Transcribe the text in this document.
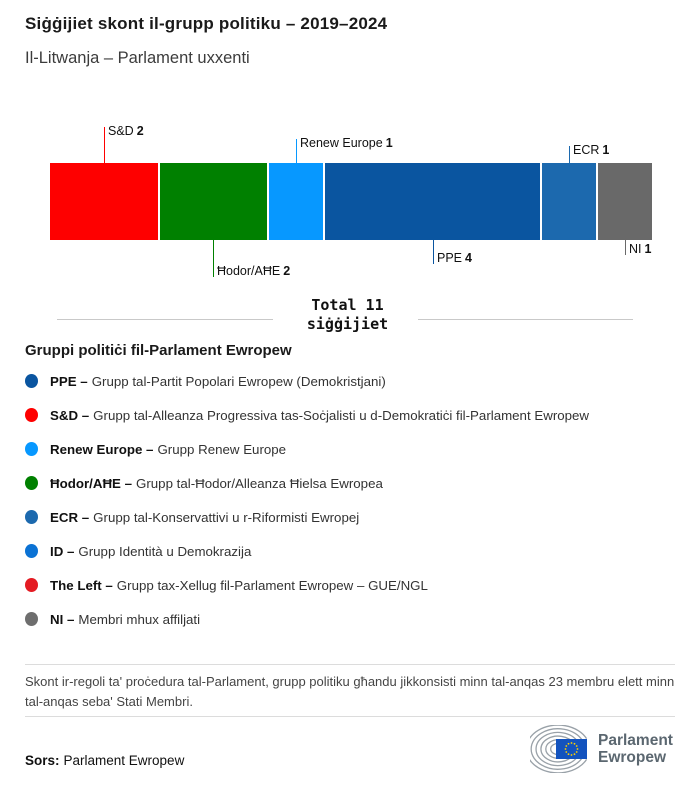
Siġġijiet skont il-grupp politiku – 2019–2024
Il-Litwanja – Parlament uxxenti
S&D 2
Ħodor/AĦE 2
Renew Europe 1
PPE 4
ECR 1
NI 1
Total 11
siġġijiet
Gruppi politiċi fil-Parlament Ewropew
PPE – Grupp tal-Partit Popolari Ewropew (Demokristjani)
S&D – Grupp tal-Alleanza Progressiva tas-Soċjalisti u d-Demokratiċi fil-Parlament Ewropew
Renew Europe – Grupp Renew Europe
Ħodor/AĦE – Grupp tal-Ħodor/Alleanza Ħielsa Ewropea
ECR – Grupp tal-Konservattivi u r-Riformisti Ewropej
ID – Grupp Identità u Demokrazija
The Left – Grupp tax-Xellug fil-Parlament Ewropew – GUE/NGL
NI – Membri mhux affiljati
Skont ir-regoli ta' proċedura tal-Parlament, grupp politiku għandu jikkonsisti minn tal-anqas 23 membru elett minn tal-anqas seba' Stati Membri.
Sors: Parlament Ewropew
Parlament
Ewropew
